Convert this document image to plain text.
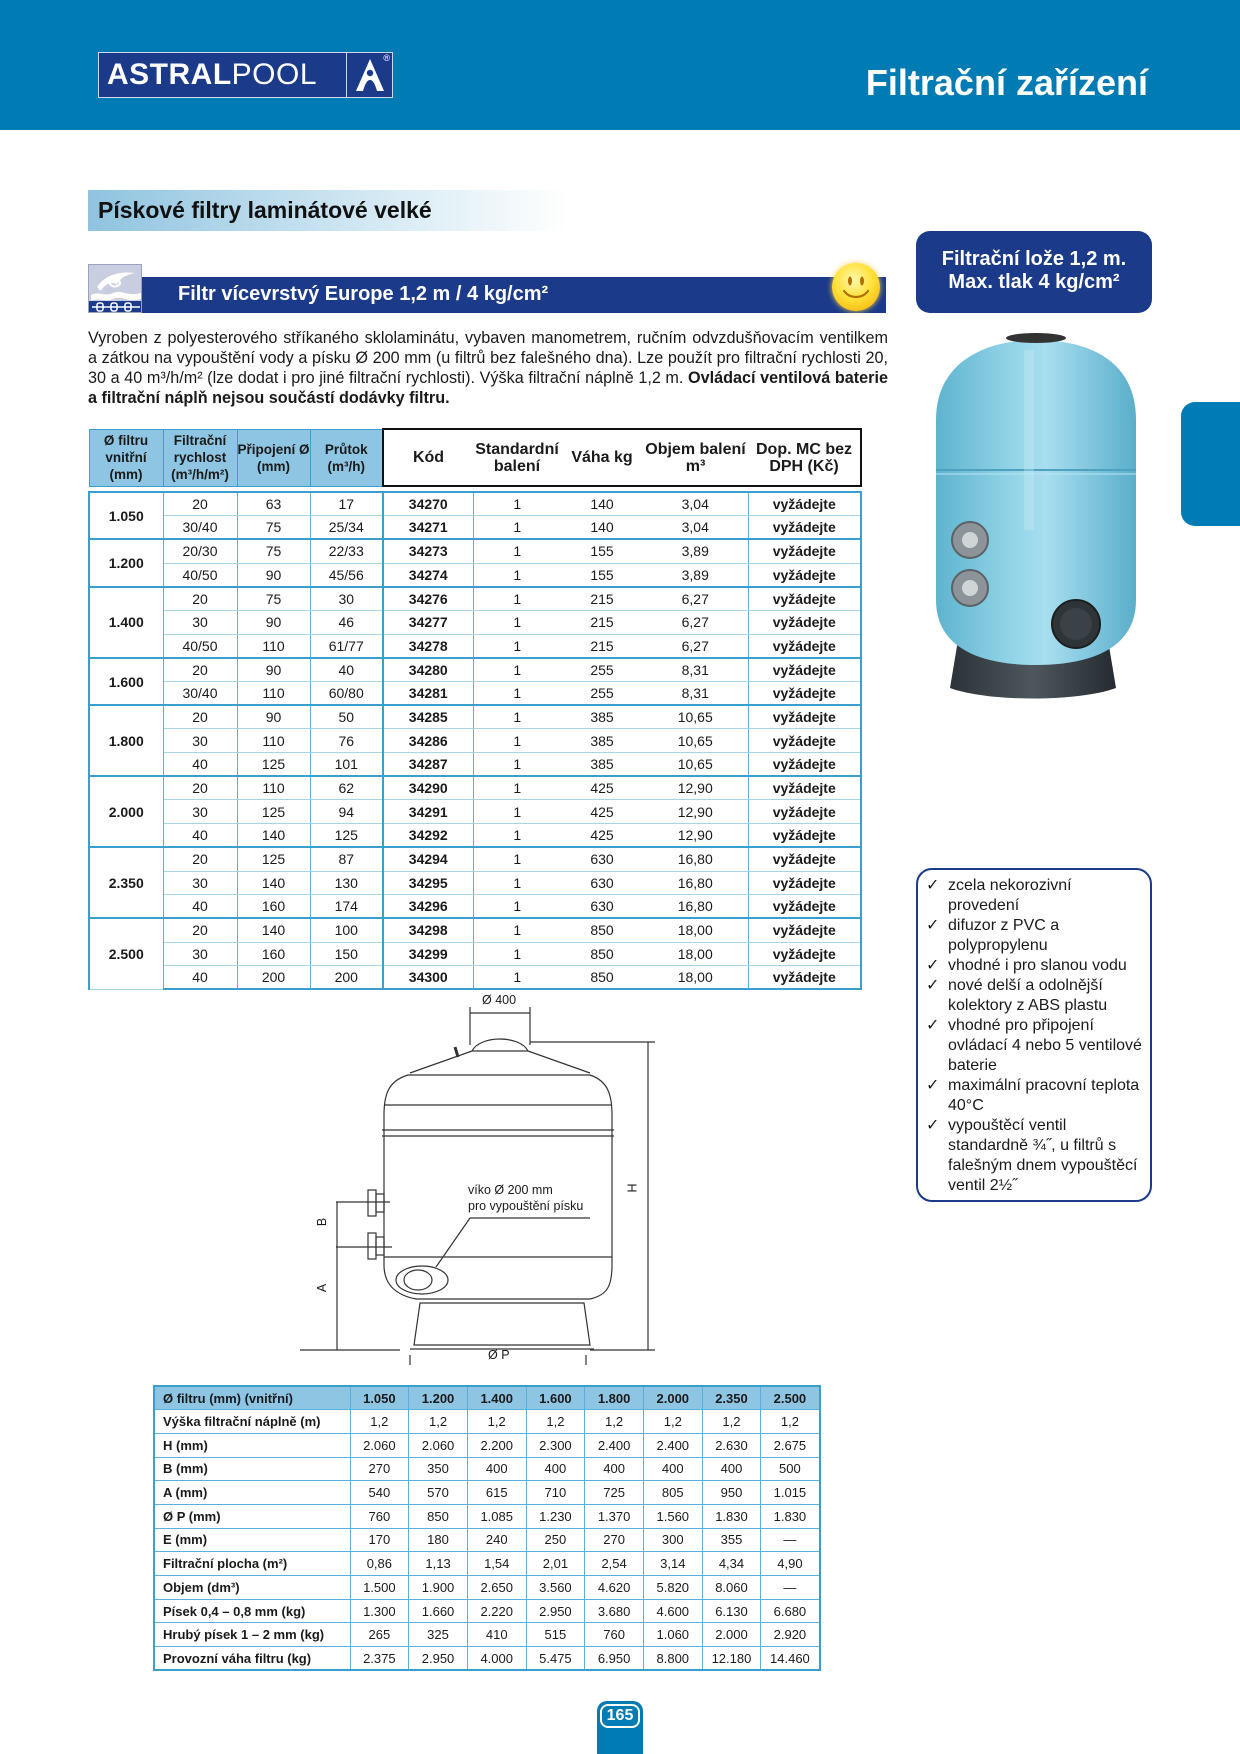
ASTRAL POOL	®
Filtrační zařízení
Pískové filtry laminátové velké
Filtr vícevrstvý Europe 1,2 m / 4 kg/cm²
Filtrační lože 1,2 m.
Max. tlak 4 kg/cm²
Vyroben z polyesterového stříkaného sklolaminátu, vybaven manometrem, ručním odvzdušňovacím ventilkem a zátkou na vypouštění vody a písku Ø 200 mm (u filtrů bez falešného dna). Lze použít pro filtrační rychlosti 20, 30 a 40 m³/h/m² (lze dodat i pro jiné filtrační rychlosti). Výška filtrační náplně 1,2 m. Ovládací ventilová baterie a filtrační náplň nejsou součástí dodávky filtru.
Ø filtru vnitřní (mm)	Filtrační rychlost (m³/h/m²)	Připojení Ø (mm)	Průtok (m³/h)	Kód	Standardní balení	Váha kg	Objem balení m³	Dop. MC bez DPH (Kč)

1.050	20	63	17	34270	1	140	3,04	vyžádejte
	30/40	75	25/34	34271	1	140	3,04	vyžádejte
1.200	20/30	75	22/33	34273	1	155	3,89	vyžádejte
	40/50	90	45/56	34274	1	155	3,89	vyžádejte
1.400	20	75	30	34276	1	215	6,27	vyžádejte
	30	90	46	34277	1	215	6,27	vyžádejte
	40/50	110	61/77	34278	1	215	6,27	vyžádejte
1.600	20	90	40	34280	1	255	8,31	vyžádejte
	30/40	110	60/80	34281	1	255	8,31	vyžádejte
1.800	20	90	50	34285	1	385	10,65	vyžádejte
	30	110	76	34286	1	385	10,65	vyžádejte
	40	125	101	34287	1	385	10,65	vyžádejte
2.000	20	110	62	34290	1	425	12,90	vyžádejte
	30	125	94	34291	1	425	12,90	vyžádejte
	40	140	125	34292	1	425	12,90	vyžádejte
2.350	20	125	87	34294	1	630	16,80	vyžádejte
	30	140	130	34295	1	630	16,80	vyžádejte
	40	160	174	34296	1	630	16,80	vyžádejte
2.500	20	140	100	34298	1	850	18,00	vyžádejte
	30	160	150	34299	1	850	18,00	vyžádejte
	40	200	200	34300	1	850	18,00	vyžádejte
✓ zcela nekorozivní provedení
✓ difuzor z PVC a polypropylenu
✓ vhodné i pro slanou vodu
✓ nové delší a odolnější kolektory z ABS plastu
✓ vhodné pro připojení ovládací 4 nebo 5 ventilové baterie
✓ maximální pracovní teplota 40°C
✓ vypouštěcí ventil standardně ¾˝, u filtrů s falešným dnem vypouštěcí ventil 2½˝
Ø 400
Ø P
H
B
A
víko Ø 200 mm
pro vypouštění písku
Ø filtru (mm) (vnitřní)	1.050	1.200	1.400	1.600	1.800	2.000	2.350	2.500
Výška filtrační náplně (m)	1,2	1,2	1,2	1,2	1,2	1,2	1,2	1,2
H (mm)	2.060	2.060	2.200	2.300	2.400	2.400	2.630	2.675
B (mm)	270	350	400	400	400	400	400	500
A (mm)	540	570	615	710	725	805	950	1.015
Ø P (mm)	760	850	1.085	1.230	1.370	1.560	1.830	1.830
E (mm)	170	180	240	250	270	300	355	—
Filtrační plocha (m²)	0,86	1,13	1,54	2,01	2,54	3,14	4,34	4,90
Objem (dm³)	1.500	1.900	2.650	3.560	4.620	5.820	8.060	—
Písek 0,4 – 0,8 mm (kg)	1.300	1.660	2.220	2.950	3.680	4.600	6.130	6.680
Hrubý písek 1 – 2 mm (kg)	265	325	410	515	760	1.060	2.000	2.920
Provozní váha filtru (kg)	2.375	2.950	4.000	5.475	6.950	8.800	12.180	14.460
165
